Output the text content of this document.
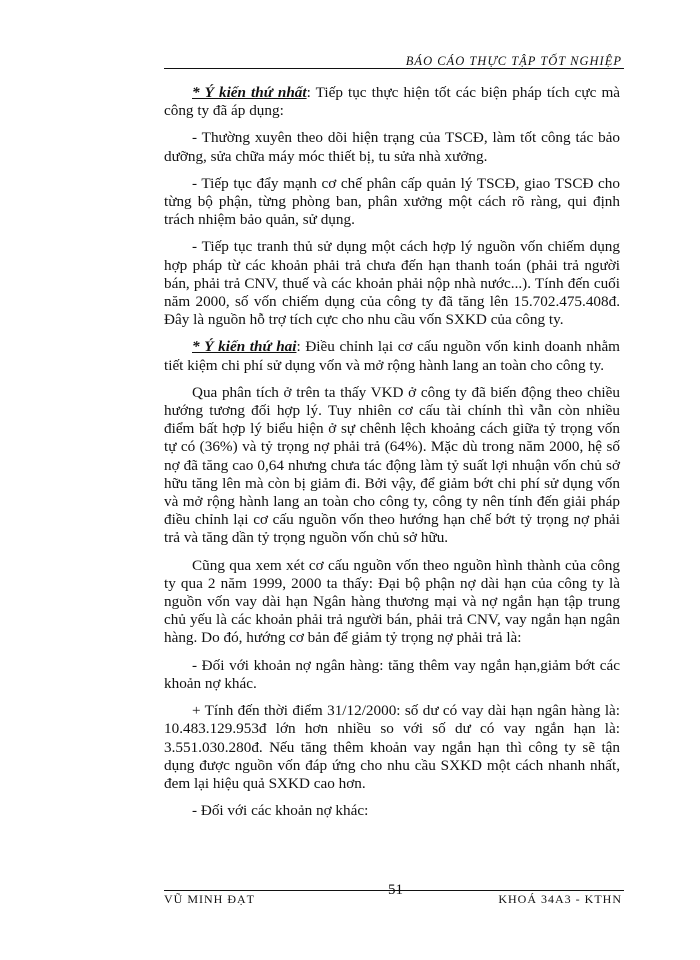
BÁO CÁO THỰC TẬP TỐT NGHIỆP

* Ý kiến thứ nhất: Tiếp tục thực hiện tốt các biện pháp tích cực mà công ty đã áp dụng:

- Thường xuyên theo dõi hiện trạng của TSCĐ, làm tốt công tác bảo dưỡng, sửa chữa máy móc thiết bị, tu sửa nhà xưởng.

- Tiếp tục đẩy mạnh cơ chế phân cấp quản lý TSCĐ, giao TSCĐ cho từng bộ phận, từng phòng ban, phân xưởng một cách rõ ràng, qui định trách nhiệm bảo quản, sử dụng.

- Tiếp tục tranh thủ sử dụng một cách hợp lý nguồn vốn chiếm dụng hợp pháp từ các khoản phải trả chưa đến hạn thanh toán (phải trả người bán, phải trả CNV, thuế và các khoản phải nộp nhà nước...). Tính đến cuối năm 2000, số vốn chiếm dụng của công ty đã tăng lên 15.702.475.408đ. Đây là nguồn hỗ trợ tích cực cho nhu cầu vốn SXKD của công ty.

* Ý kiến thứ hai: Điều chỉnh lại cơ cấu nguồn vốn kinh doanh nhằm tiết kiệm chi phí sử dụng vốn và mở rộng hành lang an toàn cho công ty.

Qua phân tích ở trên ta thấy VKD ở công ty đã biến động theo chiều hướng tương đối hợp lý. Tuy nhiên cơ cấu tài chính thì vẫn còn nhiều điểm bất hợp lý biểu hiện ở sự chênh lệch khoảng cách giữa tỷ trọng vốn tự có (36%) và tỷ trọng nợ phải trả (64%). Mặc dù trong năm 2000, hệ số nợ đã tăng cao 0,64 nhưng chưa tác động làm tỷ suất lợi nhuận vốn chủ sở hữu tăng lên mà còn bị giảm đi. Bởi vậy, để giảm bớt chi phí sử dụng vốn và mở rộng hành lang an toàn cho công ty, công ty nên tính đến giải pháp điều chỉnh lại cơ cấu nguồn vốn theo hướng hạn chế bớt tỷ trọng nợ phải trả và tăng dần tỷ trọng nguồn vốn chủ sở hữu.

Cũng qua xem xét cơ cấu nguồn vốn theo nguồn hình thành của công ty qua 2 năm 1999, 2000 ta thấy: Đại bộ phận nợ dài hạn của công ty là nguồn vốn vay dài hạn Ngân hàng thương mại và nợ ngắn hạn tập trung chủ yếu là các khoản phải trả người bán, phải trả CNV, vay ngắn hạn ngân hàng. Do đó, hướng cơ bản để giảm tỷ trọng nợ phải trả là:

- Đối với khoản nợ ngân hàng: tăng thêm vay ngắn hạn,giảm bớt các khoản nợ khác.

+ Tính đến thời điểm 31/12/2000: số dư có vay dài hạn ngân hàng là: 10.483.129.953đ lớn hơn nhiều so với số dư có vay ngắn hạn là: 3.551.030.280đ. Nếu tăng thêm khoản vay ngắn hạn thì công ty sẽ tận dụng được nguồn vốn đáp ứng cho nhu cầu SXKD một cách nhanh nhất, đem lại hiệu quả SXKD cao hơn.

- Đối với các khoản nợ khác:

VŨ MINH ĐẠT
51
KHOÁ 34A3 - KTHN
